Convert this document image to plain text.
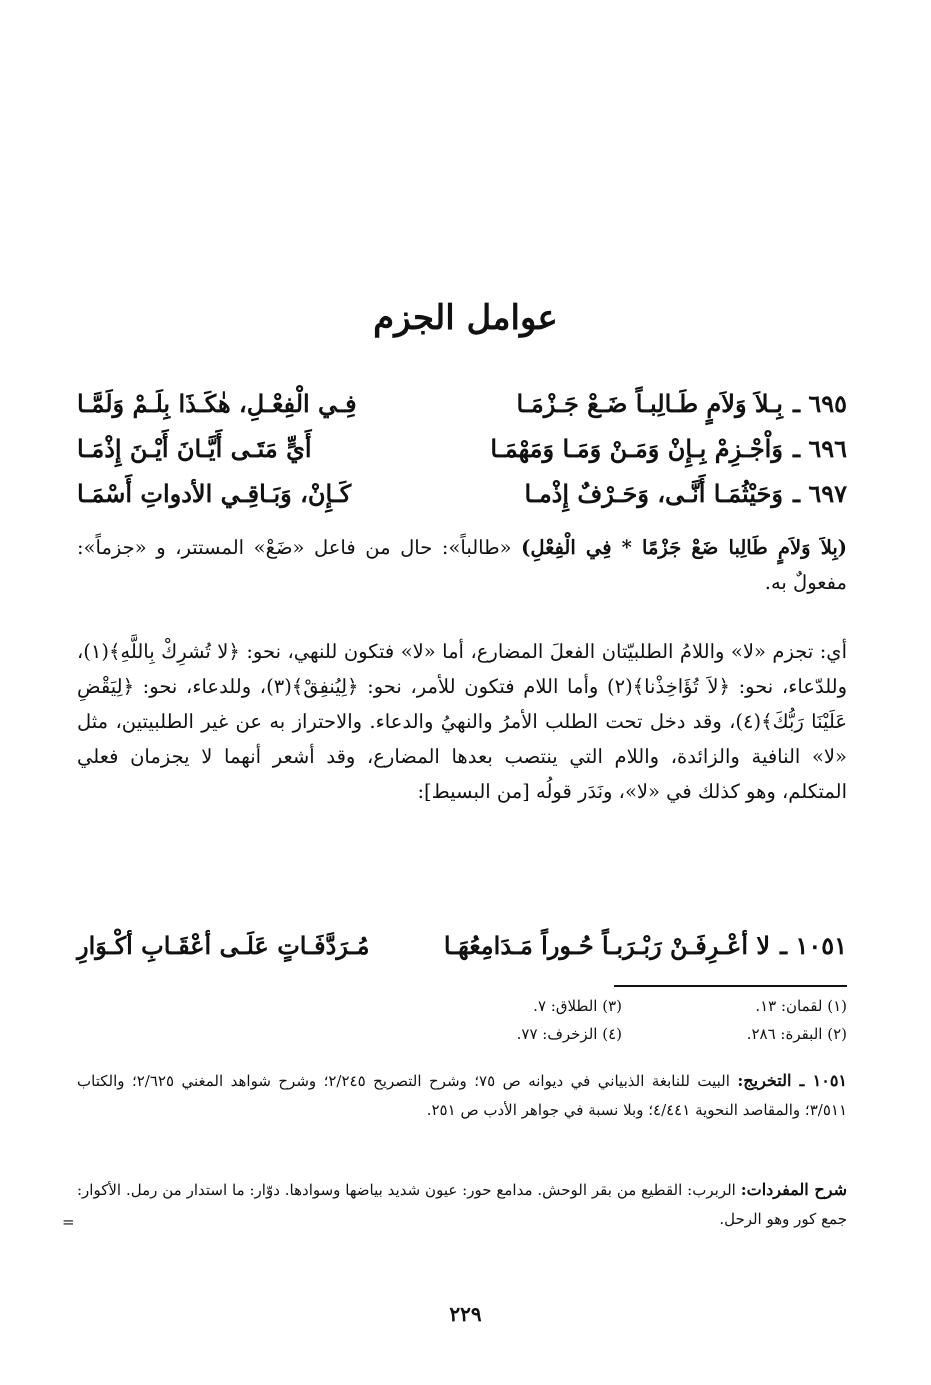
عوامل الجزم
٦٩٥ ـ
بِـلاَ وَلاَمٍ طَـالِبـاً ضَـعْ جَـزْمَـا
فِـي الْفِعْـلِ، هٰكَـذَا بِلَـمْ وَلَمَّـا
٦٩٦ ـ
وَاْجْـزِمْ بِـإِنْ وَمَـنْ وَمَـا وَمَهْمَـا
أَيٍّ مَتَـى أَيَّـانَ أَيْـنَ إِذْمَـا
٦٩٧ ـ
وَحَيْثُمَـا أَنَّـى، وَحَـرْفٌ إِذْمـا
كَـإِنْ، وَبَـاقِـي الأدواتِ أَسْمَـا

(بِلاَ وَلاَمٍ طَالِبا ضَعْ جَزْمًا * فِي الْفِعْلِ) «طالباً»: حال من فاعل «ضَعْ» المستتر، و «جزماً»: مفعولٌ به.

أي: تجزم «لا» واللامُ الطلبيّتان الفعلَ المضارع، أما «لا» فتكون للنهي، نحو: ﴿لا تُشرِكْ بِاللَّهِ﴾(١)، وللدّعاء، نحو: ﴿لاَ تُؤَاخِذْنا﴾(٢) وأما اللام فتكون للأمر، نحو: ﴿لِيُنفِقْ﴾(٣)، وللدعاء، نحو: ﴿لِيَقْضِ عَلَيْنَا رَبُّكَ﴾(٤)، وقد دخل تحت الطلب الأمرُ والنهيُ والدعاء. والاحتراز به عن غير الطلبيتين، مثل «لا» النافية والزائدة، واللام التي ينتصب بعدها المضارع، وقد أشعر أنهما لا يجزمان فعلي المتكلم، وهو كذلك في «لا»، ونَدَر قولُه [من البسيط]:

١٠٥١ ـ
لا أعْـرِفَـنْ رَبْـرَبـاً حُـوراً مَـدَامِعُهَـا
مُـرَدَّفَـاتٍ عَلَـى أعْقَـابِ أكْـوَارِ
(١) لقمان: ١٣.
(٣) الطلاق: ٧.
(٢) البقرة: ٢٨٦.
(٤) الزخرف: ٧٧.

١٠٥١ ـ التخريج: البيت للنابغة الذبياني في ديوانه ص ٧٥؛ وشرح التصريح ٢/٢٤٥؛ وشرح شواهد المغني ٢/٦٢٥؛ والكتاب ٣/٥١١؛ والمقاصد النحوية ٤/٤٤١؛ وبلا نسبة في جواهر الأدب ص ٢٥١.

شرح المفردات: الربرب: القطيع من بقر الوحش. مدامع حور: عيون شديد بياضها وسوادها. دوّار: ما استدار من رمل. الأكوار: جمع كور وهو الرحل.

=
٢٢٩
